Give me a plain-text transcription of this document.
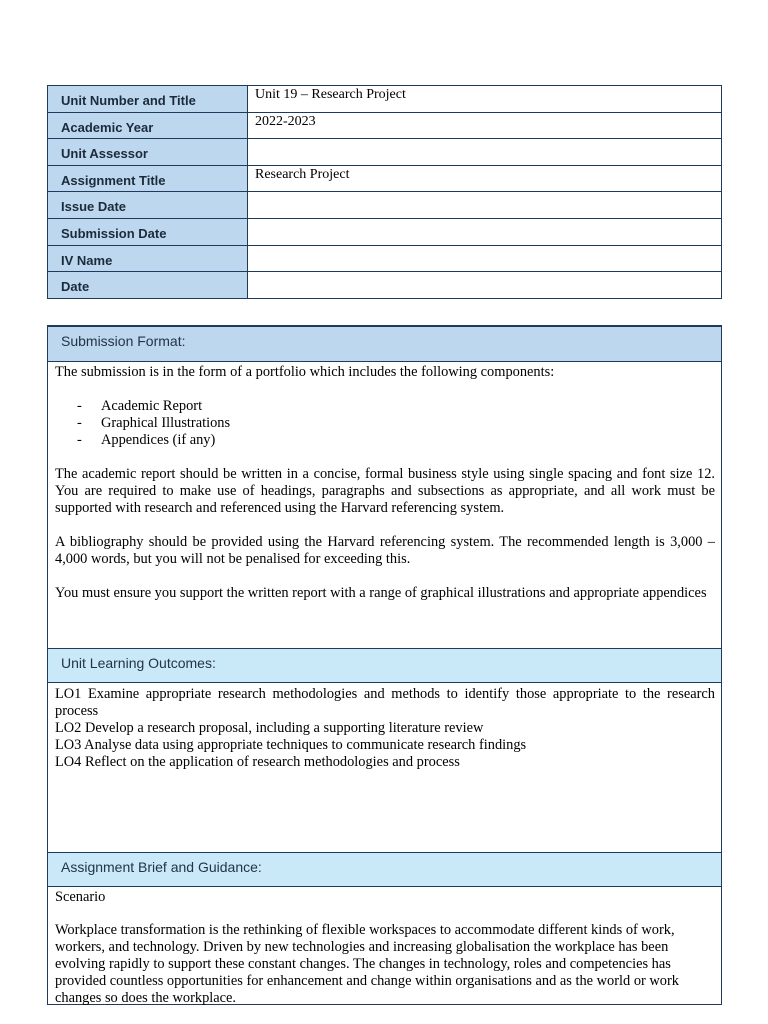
Unit Number and Title	Unit 19 – Research Project
Academic Year	2022-2023
Unit Assessor	
Assignment Title	Research Project
Issue Date	
Submission Date	
IV Name	
Date	
Submission Format:

The submission is in the form of a portfolio which includes the following components:

- Academic Report
- Graphical Illustrations
- Appendices (if any)

The academic report should be written in a concise, formal business style using single spacing and font size 12. You are required to make use of headings, paragraphs and subsections as appropriate, and all work must be supported with research and referenced using the Harvard referencing system.

A bibliography should be provided using the Harvard referencing system. The recommended length is 3,000 – 4,000 words, but you will not be penalised for exceeding this.

You must ensure you support the written report with a range of graphical illustrations and appropriate appendices

Unit Learning Outcomes:

LO1 Examine appropriate research methodologies and methods to identify those appropriate to the research process

LO2 Develop a research proposal, including a supporting literature review

LO3 Analyse data using appropriate techniques to communicate research findings

LO4 Reflect on the application of research methodologies and process

Assignment Brief and Guidance:

Scenario

Workplace transformation is the rethinking of flexible workspaces to accommodate different kinds of work, workers, and technology. Driven by new technologies and increasing globalisation the workplace has been evolving rapidly to support these constant changes. The changes in technology, roles and competencies has provided countless opportunities for enhancement and change within organisations and as the world or work changes so does the workplace.
